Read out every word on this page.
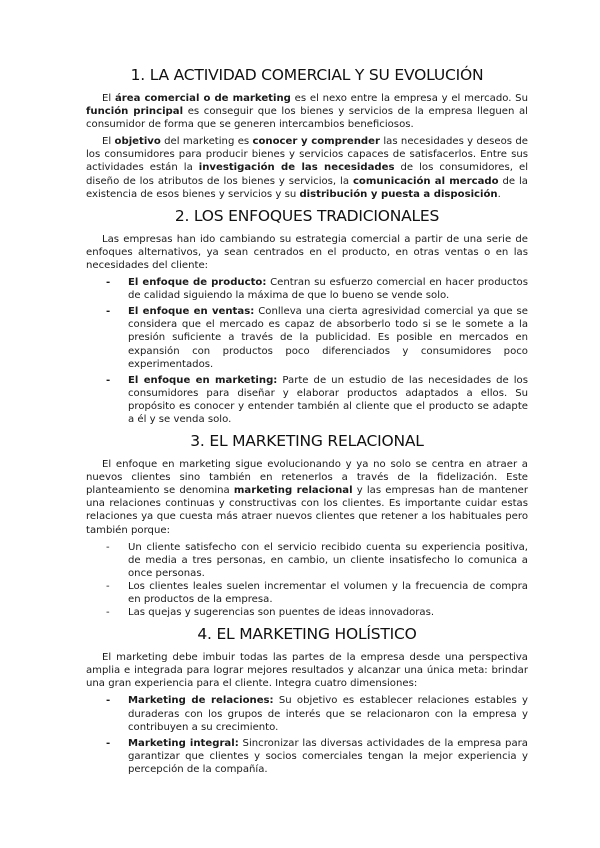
1. LA ACTIVIDAD COMERCIAL Y SU EVOLUCIÓN

El área comercial o de marketing es el nexo entre la empresa y el mercado. Su función principal es conseguir que los bienes y servicios de la empresa lleguen al consumidor de forma que se generen intercambios beneficiosos.

El objetivo del marketing es conocer y comprender las necesidades y deseos de los consumidores para producir bienes y servicios capaces de satisfacerlos. Entre sus actividades están la investigación de las necesidades de los consumidores, el diseño de los atributos de los bienes y servicios, la comunicación al mercado de la existencia de esos bienes y servicios y su distribución y puesta a disposición.

2. LOS ENFOQUES TRADICIONALES

Las empresas han ido cambiando su estrategia comercial a partir de una serie de enfoques alternativos, ya sean centrados en el producto, en otras ventas o en las necesidades del cliente:

- El enfoque de producto: Centran su esfuerzo comercial en hacer productos de calidad siguiendo la máxima de que lo bueno se vende solo.
- El enfoque en ventas: Conlleva una cierta agresividad comercial ya que se considera que el mercado es capaz de absorberlo todo si se le somete a la presión suficiente a través de la publicidad. Es posible en mercados en expansión con productos poco diferenciados y consumidores poco experimentados.
- El enfoque en marketing: Parte de un estudio de las necesidades de los consumidores para diseñar y elaborar productos adaptados a ellos. Su propósito es conocer y entender también al cliente que el producto se adapte a él y se venda solo.
3. EL MARKETING RELACIONAL

El enfoque en marketing sigue evolucionando y ya no solo se centra en atraer a nuevos clientes sino también en retenerlos a través de la fidelización. Este planteamiento se denomina marketing relacional y las empresas han de mantener una relaciones continuas y constructivas con los clientes. Es importante cuidar estas relaciones ya que cuesta más atraer nuevos clientes que retener a los habituales pero también porque:

- Un cliente satisfecho con el servicio recibido cuenta su experiencia positiva, de media a tres personas, en cambio, un cliente insatisfecho lo comunica a once personas.
- Los clientes leales suelen incrementar el volumen y la frecuencia de compra en productos de la empresa.
- Las quejas y sugerencias son puentes de ideas innovadoras.
4. EL MARKETING HOLÍSTICO

El marketing debe imbuir todas las partes de la empresa desde una perspectiva amplia e integrada para lograr mejores resultados y alcanzar una única meta: brindar una gran experiencia para el cliente. Integra cuatro dimensiones:

- Marketing de relaciones: Su objetivo es establecer relaciones estables y duraderas con los grupos de interés que se relacionaron con la empresa y contribuyen a su crecimiento.
- Marketing integral: Sincronizar las diversas actividades de la empresa para garantizar que clientes y socios comerciales tengan la mejor experiencia y percepción de la compañía.
